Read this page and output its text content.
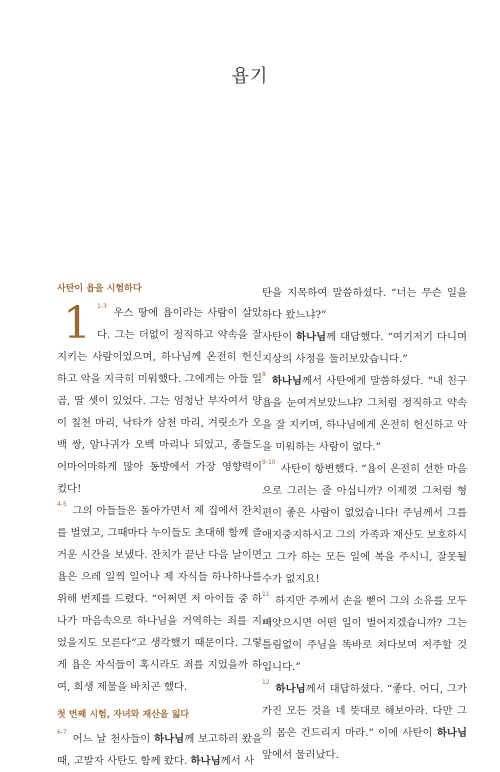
욥기
사탄이 욥을 시험하다

1 $^{1-3}$ 우스 땅에 욥이라는 사람이 살았다. 그는 더없이 정직하고 약속을 잘 지키는 사람이었으며, 하나님께 온전히 헌신하고 악을 지극히 미워했다. 그에게는 아들 일곱, 딸 셋이 있었다. 그는 엄청난 부자여서 양이 칠천 마리, 낙타가 삼천 마리, 겨릿소가 오백 쌍, 암나귀가 오백 마리나 되었고, 종들도 어마어마하게 많아 동방에서 가장 영향력이 컸다!

$^{4-5}$ 그의 아들들은 돌아가면서 제 집에서 잔치를 벌였고, 그때마다 누이들도 초대해 함께 즐거운 시간을 보냈다. 잔치가 끝난 다음 날이면 욥은 으레 일찍 일어나 제 자식들 하나하나를 위해 번제를 드렸다. “어쩌면 저 아이들 중 하나가 마음속으로 하나님을 거역하는 죄를 지었을지도 모른다”고 생각했기 때문이다. 그렇게 욥은 자식들이 혹시라도 죄를 지었을까 하여, 희생 제물을 바치곤 했다.

첫 번째 시험, 자녀와 재산을 잃다

$^{6-7}$ 어느 날 천사들이 하나님께 보고하러 왔을 때, 고발자 사탄도 함께 왔다. 하나님께서 사

탄을 지목하여 말씀하셨다. “너는 무슨 일을 하다 왔느냐?”

사탄이 하나님께 대답했다. “여기저기 다니며 지상의 사정을 둘러보았습니다.”

$^8$ 하나님께서 사탄에게 말씀하셨다. “내 친구 욥을 눈여겨보았느냐? 그처럼 정직하고 약속을 잘 지키며, 하나님에게 온전히 헌신하고 악을 미워하는 사람이 없다.”

$^{9-10}$ 사탄이 항변했다. “욥이 온전히 선한 마음으로 그러는 줄 아십니까? 이제껏 그처럼 형편이 좋은 사람이 없었습니다! 주님께서 그를 애지중지하시고 그의 가족과 재산도 보호하시고 그가 하는 모든 일에 복을 주시니, 잘못될 수가 없지요!

$^{11}$ 하지만 주께서 손을 뻗어 그의 소유를 모두 빼앗으시면 어떤 일이 벌어지겠습니까? 그는 틀림없이 주님을 똑바로 쳐다보며 저주할 것입니다.”

$^{12}$ 하나님께서 대답하셨다. “좋다. 어디, 그가 가진 모든 것을 네 뜻대로 해보아라. 다만 그의 몸은 건드리지 마라.” 이에 사탄이 하나님 앞에서 물러났다.
